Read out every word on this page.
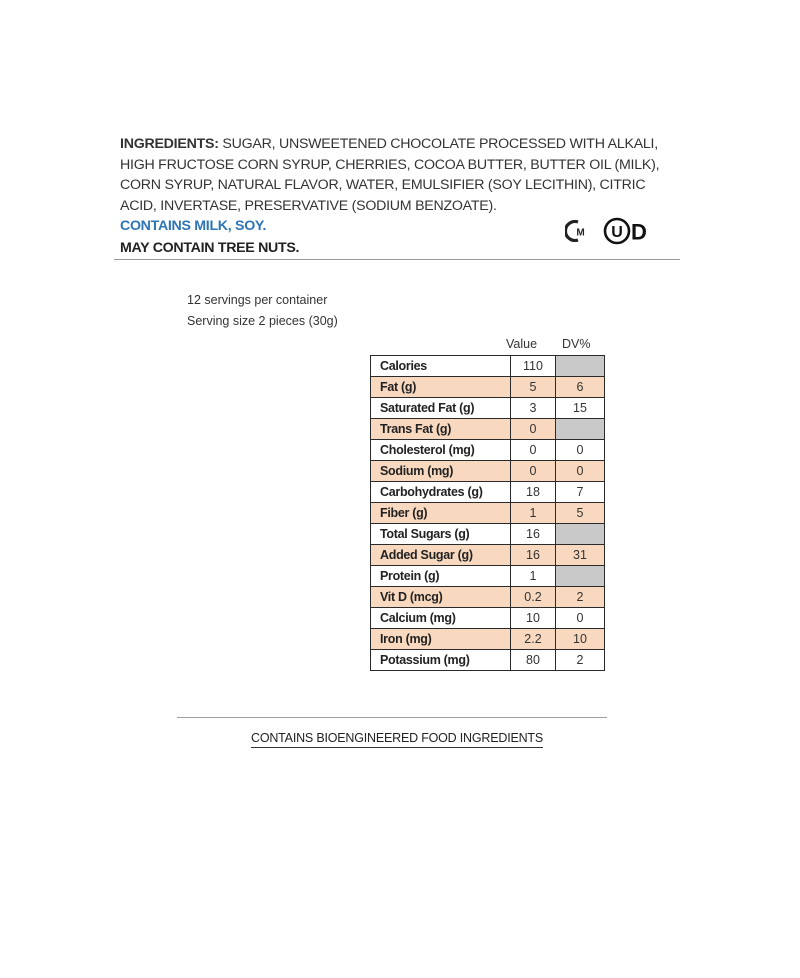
INGREDIENTS: SUGAR, UNSWEETENED CHOCOLATE PROCESSED WITH ALKALI,
HIGH FRUCTOSE CORN SYRUP, CHERRIES, COCOA BUTTER, BUTTER OIL (MILK),
CORN SYRUP, NATURAL FLAVOR, WATER, EMULSIFIER (SOY LECITHIN), CITRIC
ACID, INVERTASE, PRESERVATIVE (SODIUM BENZOATE).
CONTAINS MILK, SOY.
MAY CONTAIN TREE NUTS.
M U D
12 servings per container
Serving size 2 pieces (30g)
Value DV%
Calories	110	
Fat (g)	5	6
Saturated Fat (g)	3	15
Trans Fat (g)	0	
Cholesterol (mg)	0	0
Sodium (mg)	0	0
Carbohydrates (g)	18	7
Fiber (g)	1	5
Total Sugars (g)	16	
Added Sugar (g)	16	31
Protein (g)	1	
Vit D (mcg)	0.2	2
Calcium (mg)	10	0
Iron (mg)	2.2	10
Potassium (mg)	80	2
CONTAINS BIOENGINEERED FOOD INGREDIENTS
